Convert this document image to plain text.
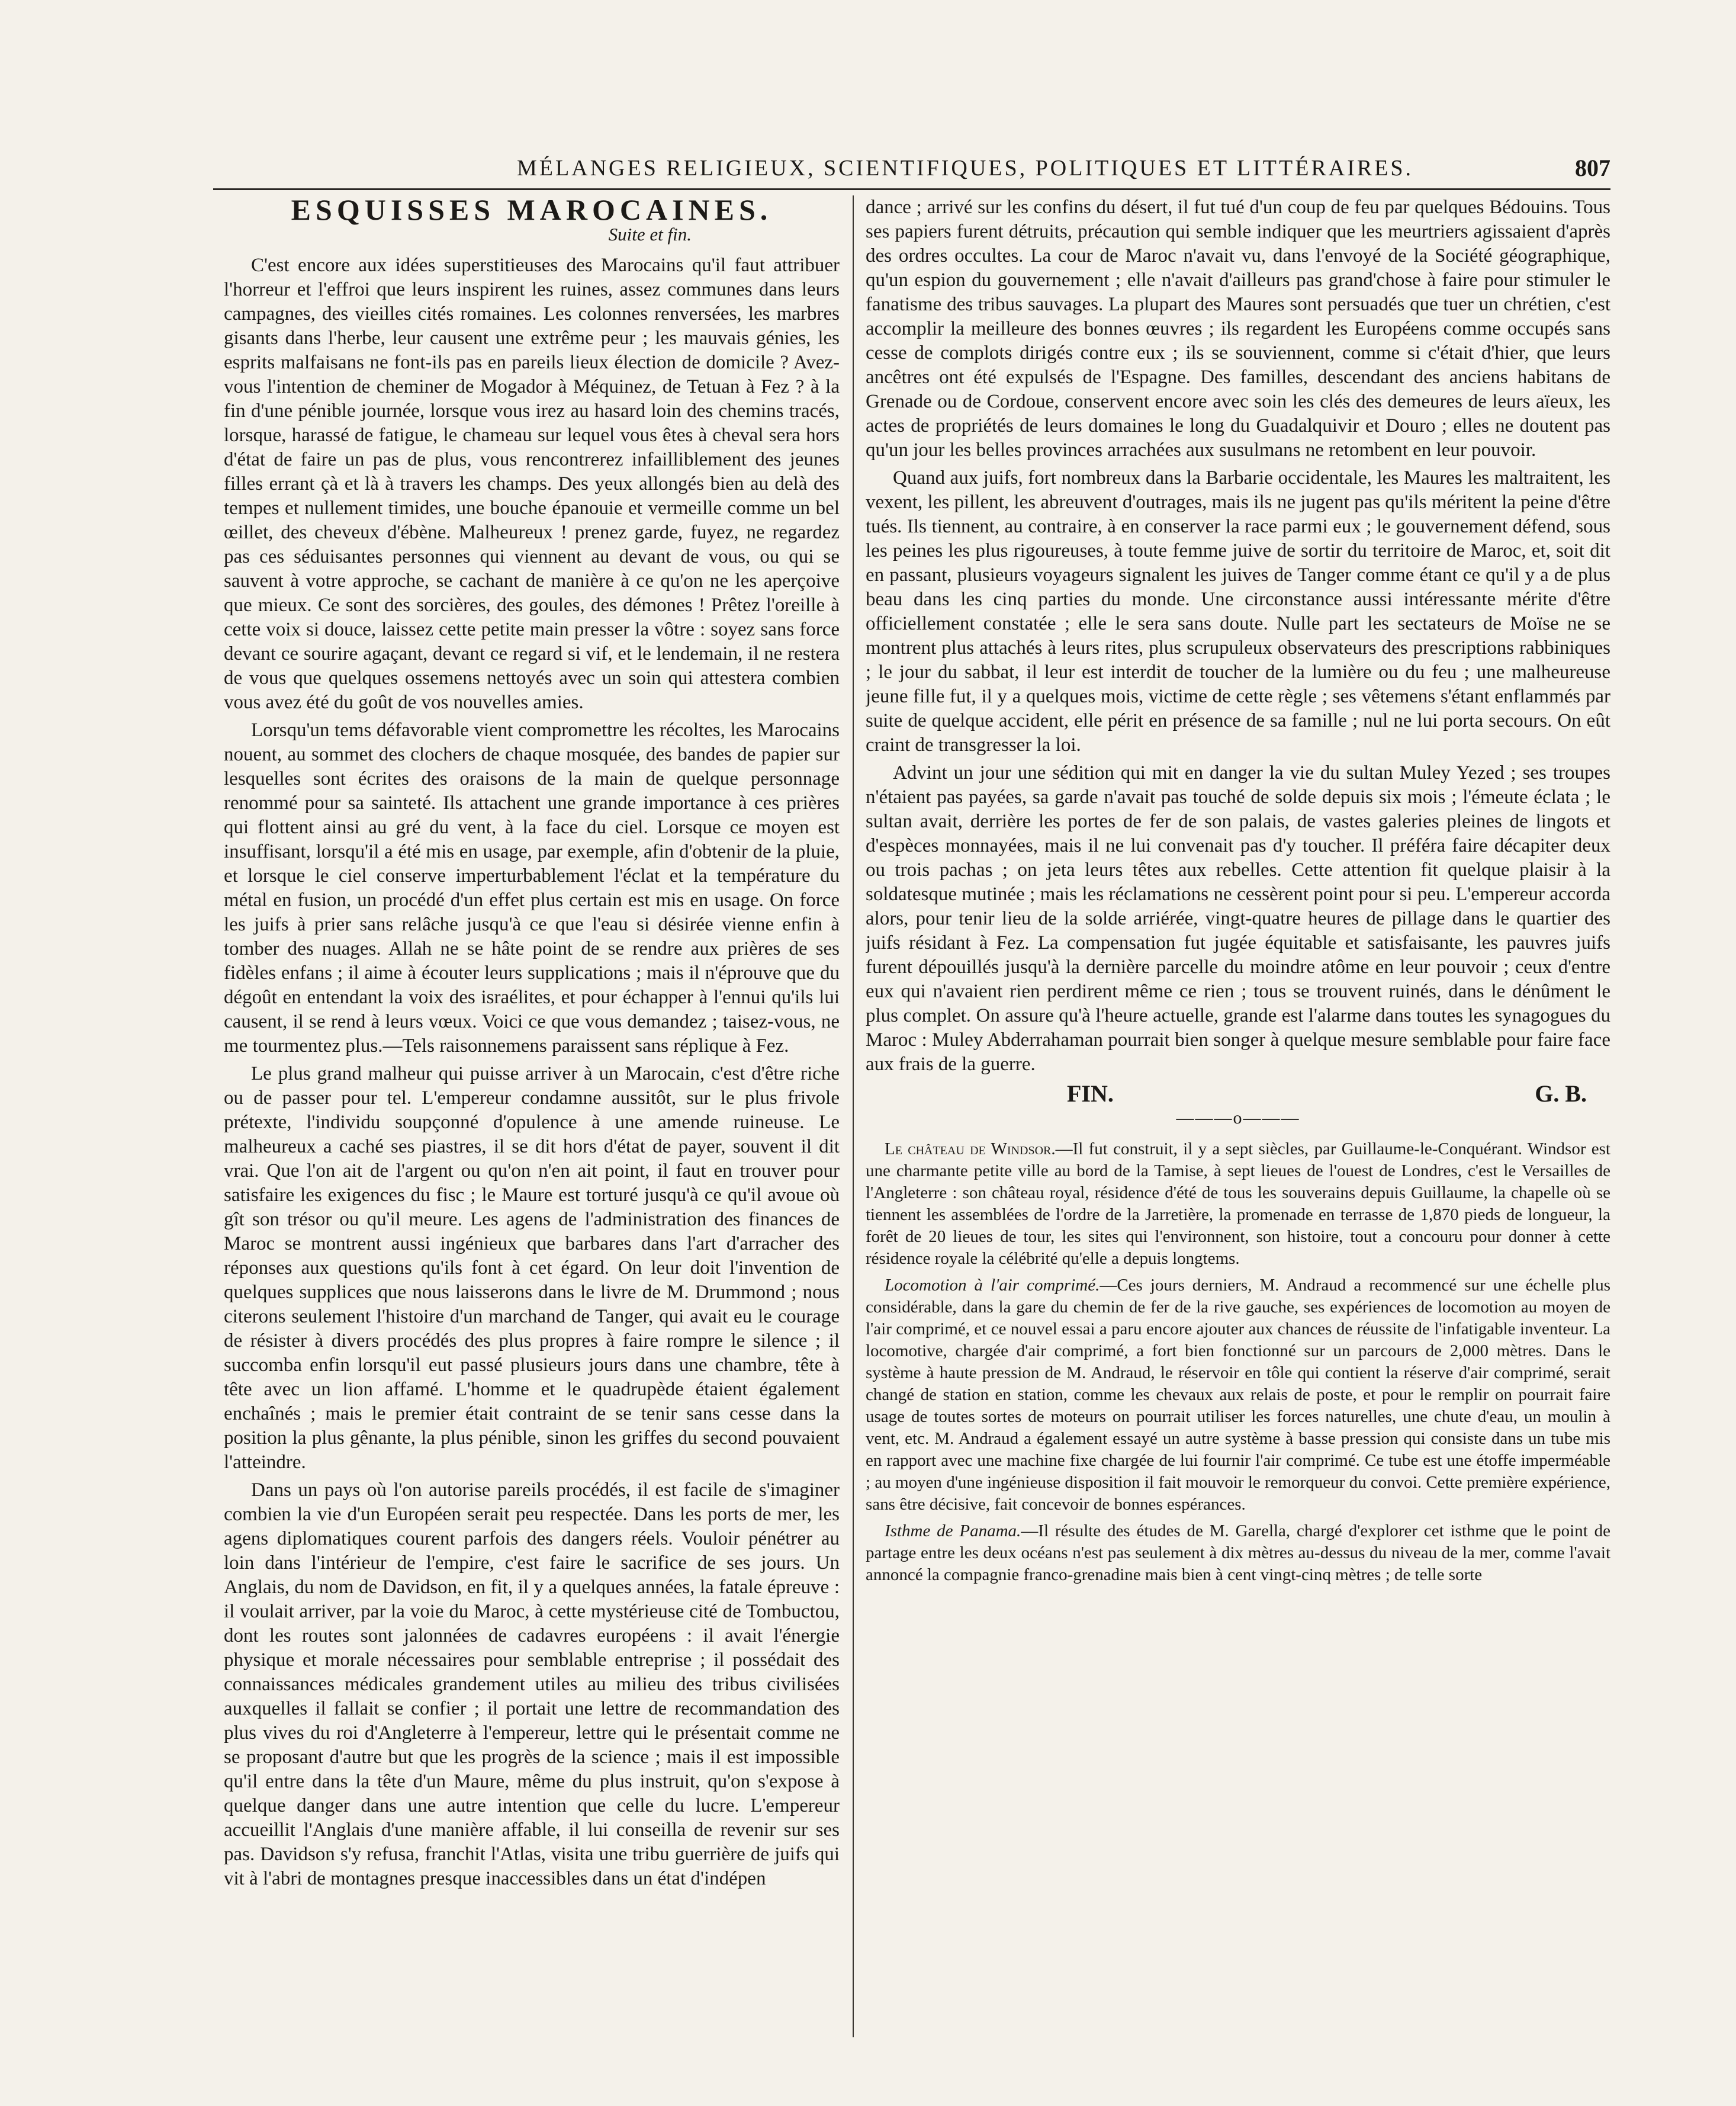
MÉLANGES RELIGIEUX, SCIENTIFIQUES, POLITIQUES ET LITTÉRAIRES.	807
ESQUISSES MAROCAINES.
Suite et fin.

C'est encore aux idées superstitieuses des Marocains qu'il faut attribuer l'horreur et l'effroi que leurs inspirent les ruines, assez communes dans leurs campagnes, des vieilles cités romaines. Les colonnes renversées, les marbres gisants dans l'herbe, leur causent une extrême peur ; les mauvais génies, les esprits malfaisans ne font-ils pas en pareils lieux élection de domicile ? Avez-vous l'intention de cheminer de Mogador à Méquinez, de Tetuan à Fez ? à la fin d'une pénible journée, lorsque vous irez au hasard loin des chemins tracés, lorsque, harassé de fatigue, le chameau sur lequel vous êtes à cheval sera hors d'état de faire un pas de plus, vous rencontrerez infailliblement des jeunes filles errant çà et là à travers les champs. Des yeux allongés bien au delà des tempes et nullement timides, une bouche épanouie et vermeille comme un bel œillet, des cheveux d'ébène. Malheureux ! prenez garde, fuyez, ne regardez pas ces séduisantes personnes qui viennent au devant de vous, ou qui se sauvent à votre approche, se cachant de manière à ce qu'on ne les aperçoive que mieux. Ce sont des sorcières, des goules, des démones ! Prêtez l'oreille à cette voix si douce, laissez cette petite main presser la vôtre : soyez sans force devant ce sourire agaçant, devant ce regard si vif, et le lendemain, il ne restera de vous que quelques ossemens nettoyés avec un soin qui attestera combien vous avez été du goût de vos nouvelles amies.

Lorsqu'un tems défavorable vient compromettre les récoltes, les Marocains nouent, au sommet des clochers de chaque mosquée, des bandes de papier sur lesquelles sont écrites des oraisons de la main de quelque personnage renommé pour sa sainteté. Ils attachent une grande importance à ces prières qui flottent ainsi au gré du vent, à la face du ciel. Lorsque ce moyen est insuffisant, lorsqu'il a été mis en usage, par exemple, afin d'obtenir de la pluie, et lorsque le ciel conserve imperturbablement l'éclat et la température du métal en fusion, un procédé d'un effet plus certain est mis en usage. On force les juifs à prier sans relâche jusqu'à ce que l'eau si désirée vienne enfin à tomber des nuages. Allah ne se hâte point de se rendre aux prières de ses fidèles enfans ; il aime à écouter leurs supplications ; mais il n'éprouve que du dégoût en entendant la voix des israélites, et pour échapper à l'ennui qu'ils lui causent, il se rend à leurs vœux. Voici ce que vous demandez ; taisez-vous, ne me tourmentez plus.—Tels raisonnemens paraissent sans réplique à Fez.

Le plus grand malheur qui puisse arriver à un Marocain, c'est d'être riche ou de passer pour tel. L'empereur condamne aussitôt, sur le plus frivole prétexte, l'individu soupçonné d'opulence à une amende ruineuse. Le malheureux a caché ses piastres, il se dit hors d'état de payer, souvent il dit vrai. Que l'on ait de l'argent ou qu'on n'en ait point, il faut en trouver pour satisfaire les exigences du fisc ; le Maure est torturé jusqu'à ce qu'il avoue où gît son trésor ou qu'il meure. Les agens de l'administration des finances de Maroc se montrent aussi ingénieux que barbares dans l'art d'arracher des réponses aux questions qu'ils font à cet égard. On leur doit l'invention de quelques supplices que nous laisserons dans le livre de M. Drummond ; nous citerons seulement l'histoire d'un marchand de Tanger, qui avait eu le courage de résister à divers procédés des plus propres à faire rompre le silence ; il succomba enfin lorsqu'il eut passé plusieurs jours dans une chambre, tête à tête avec un lion affamé. L'homme et le quadrupède étaient également enchaînés ; mais le premier était contraint de se tenir sans cesse dans la position la plus gênante, la plus pénible, sinon les griffes du second pouvaient l'atteindre.

Dans un pays où l'on autorise pareils procédés, il est facile de s'imaginer combien la vie d'un Européen serait peu respectée. Dans les ports de mer, les agens diplomatiques courent parfois des dangers réels. Vouloir pénétrer au loin dans l'intérieur de l'empire, c'est faire le sacrifice de ses jours. Un Anglais, du nom de Davidson, en fit, il y a quelques années, la fatale épreuve : il voulait arriver, par la voie du Maroc, à cette mystérieuse cité de Tombuctou, dont les routes sont jalonnées de cadavres européens : il avait l'énergie physique et morale nécessaires pour semblable entreprise ; il possédait des connaissances médicales grandement utiles au milieu des tribus civilisées auxquelles il fallait se confier ; il portait une lettre de recommandation des plus vives du roi d'Angleterre à l'empereur, lettre qui le présentait comme ne se proposant d'autre but que les progrès de la science ; mais il est impossible qu'il entre dans la tête d'un Maure, même du plus instruit, qu'on s'expose à quelque danger dans une autre intention que celle du lucre. L'empereur accueillit l'Anglais d'une manière affable, il lui conseilla de revenir sur ses pas. Davidson s'y refusa, franchit l'Atlas, visita une tribu guerrière de juifs qui vit à l'abri de montagnes presque inaccessibles dans un état d'indépen

dance ; arrivé sur les confins du désert, il fut tué d'un coup de feu par quelques Bédouins. Tous ses papiers furent détruits, précaution qui semble indiquer que les meurtriers agissaient d'après des ordres occultes. La cour de Maroc n'avait vu, dans l'envoyé de la Société géographique, qu'un espion du gouvernement ; elle n'avait d'ailleurs pas grand'chose à faire pour stimuler le fanatisme des tribus sauvages. La plupart des Maures sont persuadés que tuer un chrétien, c'est accomplir la meilleure des bonnes œuvres ; ils regardent les Européens comme occupés sans cesse de complots dirigés contre eux ; ils se souviennent, comme si c'était d'hier, que leurs ancêtres ont été expulsés de l'Espagne. Des familles, descendant des anciens habitans de Grenade ou de Cordoue, conservent encore avec soin les clés des demeures de leurs aïeux, les actes de propriétés de leurs domaines le long du Guadalquivir et Douro ; elles ne doutent pas qu'un jour les belles provinces arrachées aux susulmans ne retombent en leur pouvoir.

Quand aux juifs, fort nombreux dans la Barbarie occidentale, les Maures les maltraitent, les vexent, les pillent, les abreuvent d'outrages, mais ils ne jugent pas qu'ils méritent la peine d'être tués. Ils tiennent, au contraire, à en conserver la race parmi eux ; le gouvernement défend, sous les peines les plus rigoureuses, à toute femme juive de sortir du territoire de Maroc, et, soit dit en passant, plusieurs voyageurs signalent les juives de Tanger comme étant ce qu'il y a de plus beau dans les cinq parties du monde. Une circonstance aussi intéressante mérite d'être officiellement constatée ; elle le sera sans doute. Nulle part les sectateurs de Moïse ne se montrent plus attachés à leurs rites, plus scrupuleux observateurs des prescriptions rabbiniques ; le jour du sabbat, il leur est interdit de toucher de la lumière ou du feu ; une malheureuse jeune fille fut, il y a quelques mois, victime de cette règle ; ses vêtemens s'étant enflammés par suite de quelque accident, elle périt en présence de sa famille ; nul ne lui porta secours. On eût craint de transgresser la loi.

Advint un jour une sédition qui mit en danger la vie du sultan Muley Yezed ; ses troupes n'étaient pas payées, sa garde n'avait pas touché de solde depuis six mois ; l'émeute éclata ; le sultan avait, derrière les portes de fer de son palais, de vastes galeries pleines de lingots et d'espèces monnayées, mais il ne lui convenait pas d'y toucher. Il préféra faire décapiter deux ou trois pachas ; on jeta leurs têtes aux rebelles. Cette attention fit quelque plaisir à la soldatesque mutinée ; mais les réclamations ne cessèrent point pour si peu. L'empereur accorda alors, pour tenir lieu de la solde arriérée, vingt-quatre heures de pillage dans le quartier des juifs résidant à Fez. La compensation fut jugée équitable et satisfaisante, les pauvres juifs furent dépouillés jusqu'à la dernière parcelle du moindre atôme en leur pouvoir ; ceux d'entre eux qui n'avaient rien perdirent même ce rien ; tous se trouvent ruinés, dans le dénûment le plus complet. On assure qu'à l'heure actuelle, grande est l'alarme dans toutes les synagogues du Maroc : Muley Abderrahaman pourrait bien songer à quelque mesure semblable pour faire face aux frais de la guerre.

FIN.	G. B.
———o———

Le château de Windsor.—Il fut construit, il y a sept siècles, par Guillaume-le-Conquérant. Windsor est une charmante petite ville au bord de la Tamise, à sept lieues de l'ouest de Londres, c'est le Versailles de l'Angleterre : son château royal, résidence d'été de tous les souverains depuis Guillaume, la chapelle où se tiennent les assemblées de l'ordre de la Jarretière, la promenade en terrasse de 1,870 pieds de longueur, la forêt de 20 lieues de tour, les sites qui l'environnent, son histoire, tout a concouru pour donner à cette résidence royale la célébrité qu'elle a depuis longtems.

Locomotion à l'air comprimé.—Ces jours derniers, M. Andraud a recommencé sur une échelle plus considérable, dans la gare du chemin de fer de la rive gauche, ses expériences de locomotion au moyen de l'air comprimé, et ce nouvel essai a paru encore ajouter aux chances de réussite de l'infatigable inventeur. La locomotive, chargée d'air comprimé, a fort bien fonctionné sur un parcours de 2,000 mètres. Dans le système à haute pression de M. Andraud, le réservoir en tôle qui contient la réserve d'air comprimé, serait changé de station en station, comme les chevaux aux relais de poste, et pour le remplir on pourrait faire usage de toutes sortes de moteurs on pourrait utiliser les forces naturelles, une chute d'eau, un moulin à vent, etc. M. Andraud a également essayé un autre système à basse pression qui consiste dans un tube mis en rapport avec une machine fixe chargée de lui fournir l'air comprimé. Ce tube est une étoffe imperméable ; au moyen d'une ingénieuse disposition il fait mouvoir le remorqueur du convoi. Cette première expérience, sans être décisive, fait concevoir de bonnes espérances.

Isthme de Panama.—Il résulte des études de M. Garella, chargé d'explorer cet isthme que le point de partage entre les deux océans n'est pas seulement à dix mètres au-dessus du niveau de la mer, comme l'avait annoncé la compagnie franco-grenadine mais bien à cent vingt-cinq mètres ; de telle sorte
